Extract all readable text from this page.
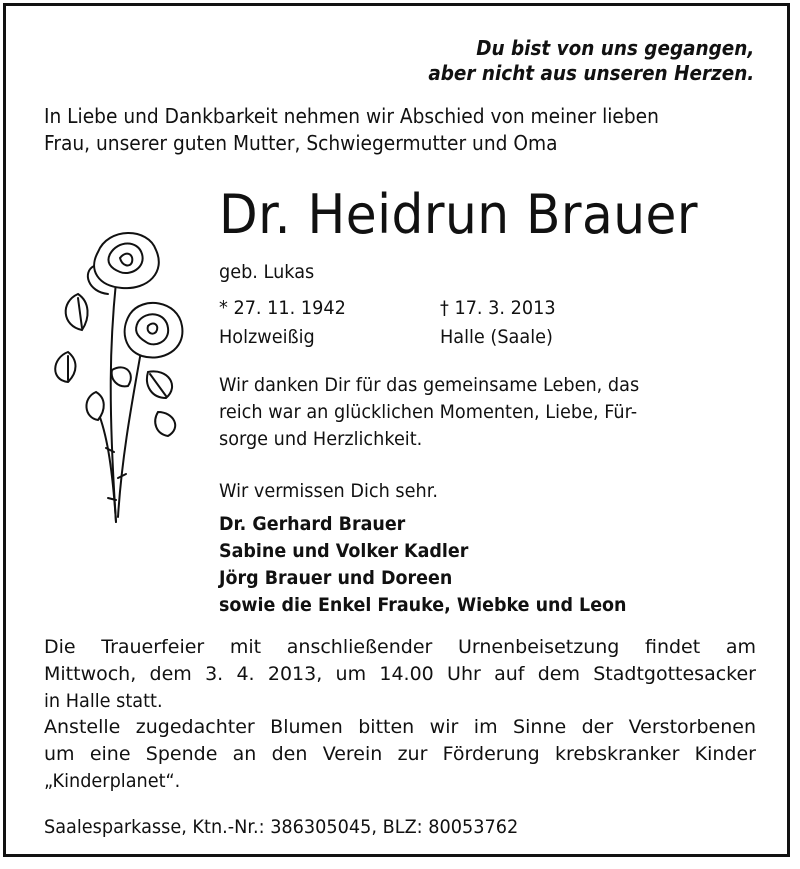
Du bist von uns gegangen,
aber nicht aus unseren Herzen.
In Liebe und Dankbarkeit nehmen wir Abschied von meiner lieben
Frau, unserer guten Mutter, Schwiegermutter und Oma
Dr. Heidrun Brauer
geb. Lukas
* 27. 11. 1942	† 17. 3. 2013
Holzweißig	Halle (Saale)
Wir danken Dir für das gemeinsame Leben, das
reich war an glücklichen Momenten, Liebe, Für-
sorge und Herzlichkeit.
Wir vermissen Dich sehr.
Dr. Gerhard Brauer
Sabine und Volker Kadler
Jörg Brauer und Doreen
sowie die Enkel Frauke, Wiebke und Leon
Die Trauerfeier mit anschließender Urnenbeisetzung findet am
Mittwoch, dem 3. 4. 2013, um 14.00 Uhr auf dem Stadtgottesacker
in Halle statt.
Anstelle zugedachter Blumen bitten wir im Sinne der Verstorbenen
um eine Spende an den Verein zur Förderung krebskranker Kinder
„Kinderplanet“.
Saalesparkasse, Ktn.-Nr.: 386305045, BLZ: 80053762
